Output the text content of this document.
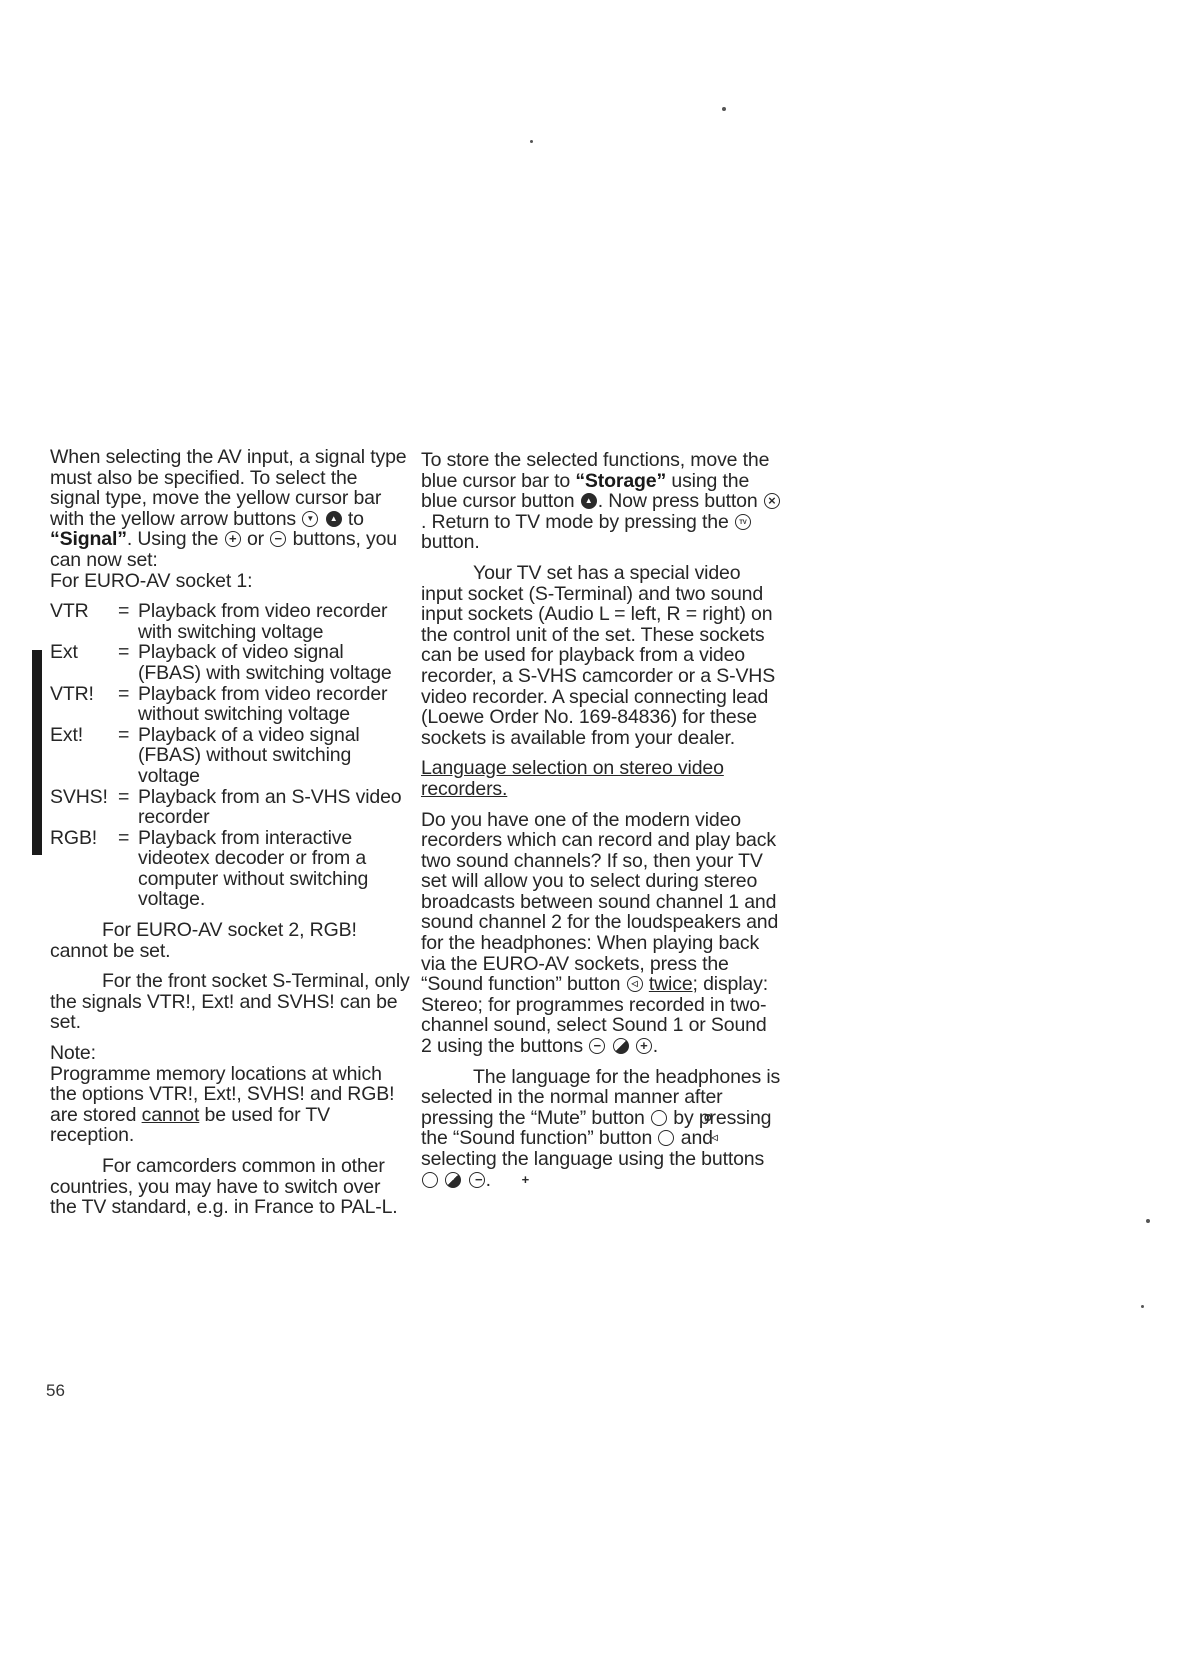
When selecting the AV input, a signal type must also be specified. To select the signal type, move the yellow cursor bar with the yellow arrow buttons ▼ ▲	to “Signal”. Using the + or − buttons, you can now set:

For EURO-AV socket 1:

VTR	= Playback from video recorder with switching voltage
Ext	= Playback of video signal (FBAS) with switching voltage
VTR!	= Playback from video recorder without switching voltage
Ext!	= Playback of a video signal (FBAS) without switching voltage
SVHS! = Playback from an S-VHS video recorder
RGB!	= Playback from interactive videotex decoder or from a computer without switching voltage.

For EURO-AV socket 2, RGB! cannot be set.

For the front socket S-Terminal, only the signals VTR!, Ext! and SVHS! can be set.

Note:

Programme memory locations at which the options VTR!, Ext!, SVHS! and RGB! are stored cannot be used for TV reception.

For camcorders common in other countries, you may have to switch over the TV standard, e.g. in France to PAL-L.

To store the selected functions, move the blue cursor bar to “Storage” using the blue cursor button ▲ . Now press button ×. Return to TV mode by pressing the TV button.

Your TV set has a special video input socket (S-Terminal) and two sound input sockets (Audio L = left, R = right) on the control unit of the set. These sockets can be used for playback from a video recorder, a S-VHS camcorder or a S-VHS video recorder. A special connecting lead (Loewe Order No. 169-84836) for these sockets is available from your dealer.

Language selection on stereo video recorders.

Do you have one of the modern video recorders which can record and play back two sound channels? If so, then your TV set will allow you to select during stereo broadcasts between sound channel 1 and sound channel 2 for the loudspeakers and for the headphones: When playing back via the EURO-AV sockets, press the “Sound function” button ◁ twice; display: Stereo; for programmes recorded in two-channel sound, select Sound 1 or Sound 2 using the buttons − +	.

The language for the headphones is selected in the normal manner after pressing the “Mute” button Ø by pressing the “Sound function” button ◁ and selecting the language using the buttons −  +.

56
